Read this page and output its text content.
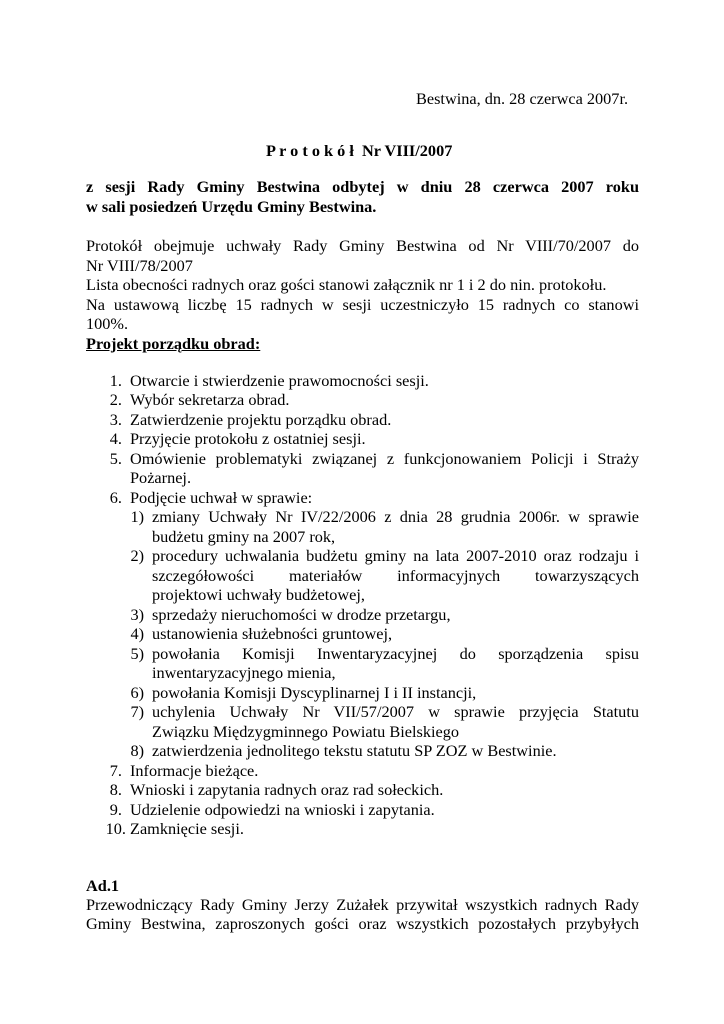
Bestwina, dn. 28 czerwca 2007r.
P r o t o k ó ł  Nr VIII/2007
z sesji Rady Gminy Bestwina odbytej w dniu 28 czerwca 2007 roku
w sali posiedzeń Urzędu Gminy Bestwina.
Protokół obejmuje uchwały Rady Gminy Bestwina od Nr VIII/70/2007 do
Nr VIII/78/2007
Lista obecności radnych oraz gości stanowi załącznik nr 1 i 2 do nin. protokołu.
Na ustawową liczbę 15 radnych w sesji uczestniczyło 15 radnych co stanowi
100%.
Projekt porządku obrad:
1. Otwarcie i stwierdzenie prawomocności sesji.
2. Wybór sekretarza obrad.
3. Zatwierdzenie projektu porządku obrad.
4. Przyjęcie protokołu z ostatniej sesji.
5. Omówienie problematyki związanej z funkcjonowaniem Policji i Straży
Pożarnej.
6. Podjęcie uchwał w sprawie:
1) zmiany Uchwały Nr IV/22/2006 z dnia 28 grudnia 2006r. w sprawie
budżetu gminy na 2007 rok,
2) procedury uchwalania budżetu gminy na lata 2007-2010 oraz rodzaju i
szczegółowości materiałów informacyjnych towarzyszących
projektowi uchwały budżetowej,
3) sprzedaży nieruchomości w drodze przetargu,
4) ustanowienia służebności gruntowej,
5) powołania Komisji Inwentaryzacyjnej do sporządzenia spisu
inwentaryzacyjnego mienia,
6) powołania Komisji Dyscyplinarnej I i II instancji,
7) uchylenia Uchwały Nr VII/57/2007 w sprawie przyjęcia Statutu
Związku Międzygminnego Powiatu Bielskiego
8) zatwierdzenia jednolitego tekstu statutu SP ZOZ w Bestwinie.
7. Informacje bieżące.
8. Wnioski i zapytania radnych oraz rad sołeckich.
9. Udzielenie odpowiedzi na wnioski i zapytania.
10. Zamknięcie sesji.
Ad.1
Przewodniczący Rady Gminy Jerzy Zużałek przywitał wszystkich radnych Rady
Gminy Bestwina, zaproszonych gości oraz wszystkich pozostałych przybyłych
